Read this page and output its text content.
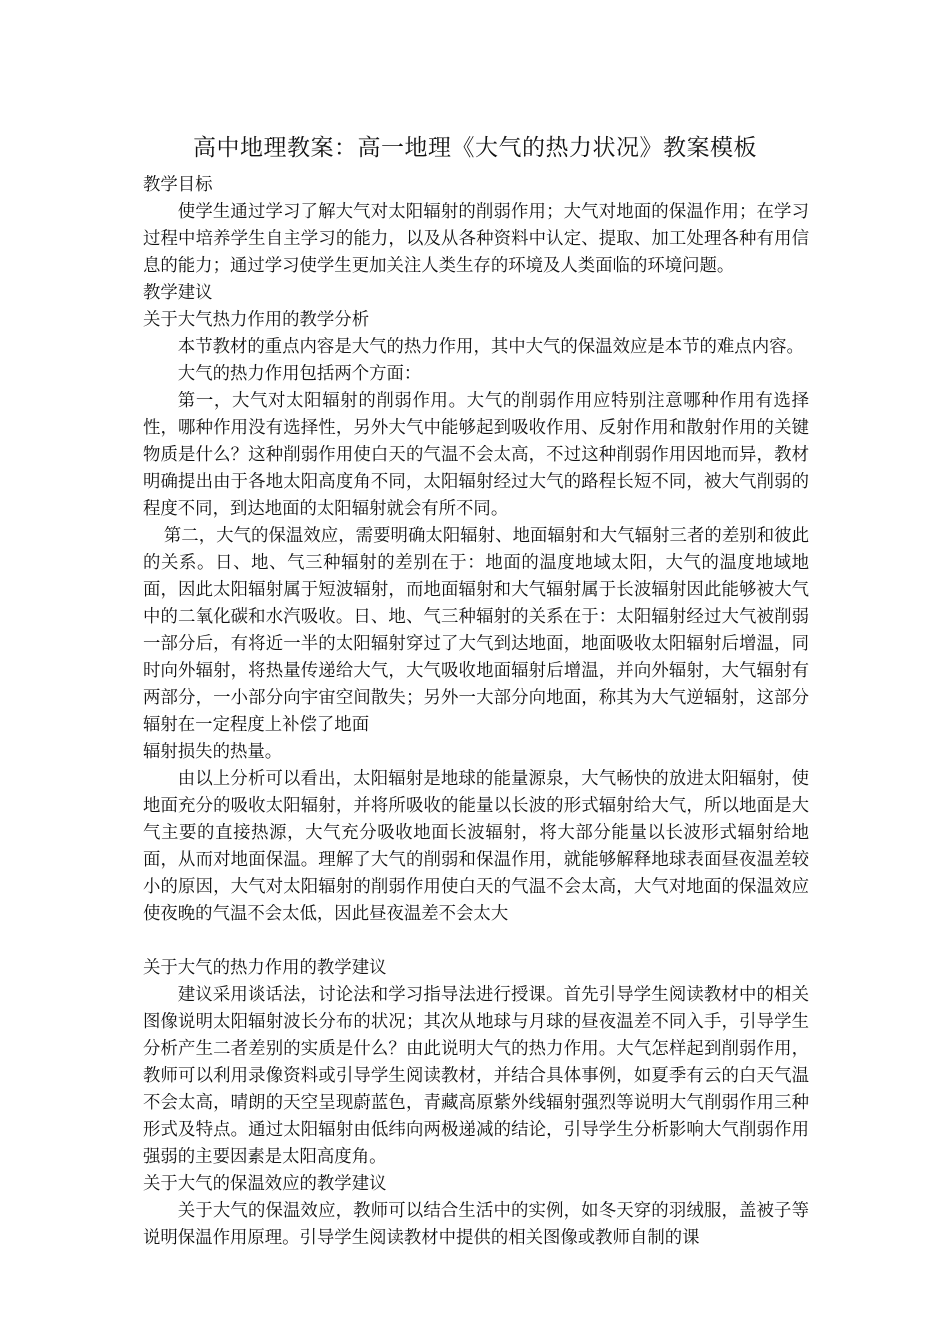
高中地理教案：高一地理《大气的热力状况》教案模板

教学目标

使学生通过学习了解大气对太阳辐射的削弱作用；大气对地面的保温作用；在学习过程中培养学生自主学习的能力，以及从各种资料中认定、提取、加工处理各种有用信息的能力；通过学习使学生更加关注人类生存的环境及人类面临的环境问题。

教学建议

关于大气热力作用的教学分析

本节教材的重点内容是大气的热力作用，其中大气的保温效应是本节的难点内容。

大气的热力作用包括两个方面：

第一，大气对太阳辐射的削弱作用。大气的削弱作用应特别注意哪种作用有选择性，哪种作用没有选择性，另外大气中能够起到吸收作用、反射作用和散射作用的关键物质是什么？这种削弱作用使白天的气温不会太高，不过这种削弱作用因地而异，教材明确提出由于各地太阳高度角不同，太阳辐射经过大气的路程长短不同，被大气削弱的程度不同，到达地面的太阳辐射就会有所不同。

第二，大气的保温效应，需要明确太阳辐射、地面辐射和大气辐射三者的差别和彼此的关系。日、地、气三种辐射的差别在于：地面的温度地域太阳，大气的温度地域地面，因此太阳辐射属于短波辐射，而地面辐射和大气辐射属于长波辐射因此能够被大气中的二氧化碳和水汽吸收。日、地、气三种辐射的关系在于：太阳辐射经过大气被削弱一部分后，有将近一半的太阳辐射穿过了大气到达地面，地面吸收太阳辐射后增温，同时向外辐射，将热量传递给大气，大气吸收地面辐射后增温，并向外辐射，大气辐射有两部分，一小部分向宇宙空间散失；另外一大部分向地面，称其为大气逆辐射，这部分辐射在一定程度上补偿了地面

辐射损失的热量。

由以上分析可以看出，太阳辐射是地球的能量源泉，大气畅快的放进太阳辐射，使地面充分的吸收太阳辐射，并将所吸收的能量以长波的形式辐射给大气，所以地面是大气主要的直接热源，大气充分吸收地面长波辐射，将大部分能量以长波形式辐射给地面，从而对地面保温。理解了大气的削弱和保温作用，就能够解释地球表面昼夜温差较小的原因，大气对太阳辐射的削弱作用使白天的气温不会太高，大气对地面的保温效应使夜晚的气温不会太低，因此昼夜温差不会太大

关于大气的热力作用的教学建议

建议采用谈话法，讨论法和学习指导法进行授课。首先引导学生阅读教材中的相关图像说明太阳辐射波长分布的状况；其次从地球与月球的昼夜温差不同入手，引导学生分析产生二者差别的实质是什么？由此说明大气的热力作用。大气怎样起到削弱作用，教师可以利用录像资料或引导学生阅读教材，并结合具体事例，如夏季有云的白天气温不会太高，晴朗的天空呈现蔚蓝色，青藏高原紫外线辐射强烈等说明大气削弱作用三种形式及特点。通过太阳辐射由低纬向两极递减的结论，引导学生分析影响大气削弱作用强弱的主要因素是太阳高度角。

关于大气的保温效应的教学建议

关于大气的保温效应，教师可以结合生活中的实例，如冬天穿的羽绒服，盖被子等说明保温作用原理。引导学生阅读教材中提供的相关图像或教师自制的课
